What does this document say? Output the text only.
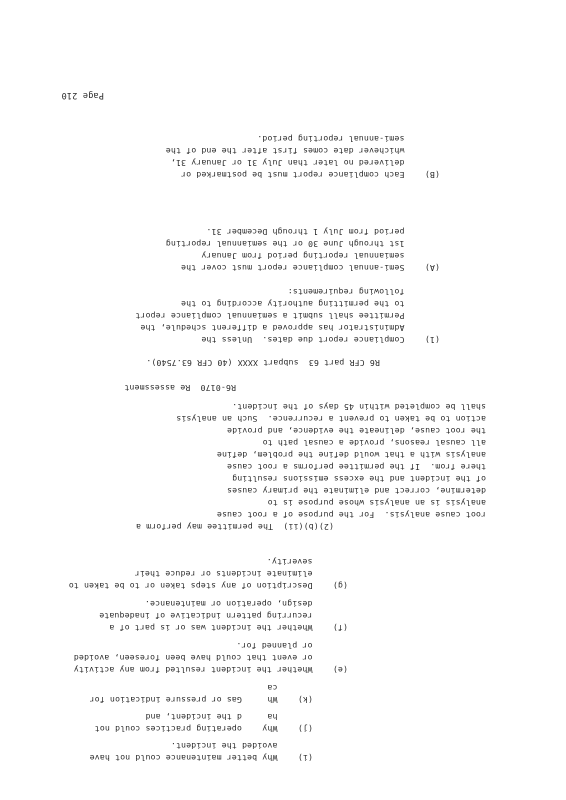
(i)    Why better maintenance could not have
avoided the incident.
(j)    Why    operating practices could not
ha     d the incident, and
(k)    Wh     Gas or pressure indication for
ca
(e)    Whether the incident resulted from any activity
or event that could have been foreseen, avoided
or planned for.
(f)    Whether the incident was or is part of a
recurring pattern indicative of inadequate
design, operation or maintenance.
(g)    Description of any steps taken or to be taken to
eliminate incidents or reduce their
severity.
(2)(b)(ii)  The permittee may perform a
root cause analysis.  For the purpose of a root cause
analysis is an analysis whose purpose is to
determine, correct and eliminate the primary causes
of the incident and the excess emissions resulting
there from.  If the permittee performs a root cause
analysis with a that would define the problem, define
all causal reasons, provide a causal path to
the root cause, delineate the evidence, and provide
action to be taken to prevent a recurrence.  Such an analysis
shall be completed within 45 days of the incident.
R6-0170  Re assessment
R6 CFR part 63  subpart XXXX (40 CFR 63.7540).
(1)    Compliance report due dates.  Unless the
Administrator has approved a different schedule, the
Permittee shall submit a semiannual compliance report
to the permitting authority according to the
following requirements:
(A)    Semi-annual compliance report must cover the
semiannual reporting period from January
1st through June 30 or the semiannual reporting
period from July 1 through December 31.
(B)    Each compliance report must be postmarked or
delivered no later than July 31 or January 31,
whichever date comes first after the end of the
semi-annual reporting period.
Page 210
